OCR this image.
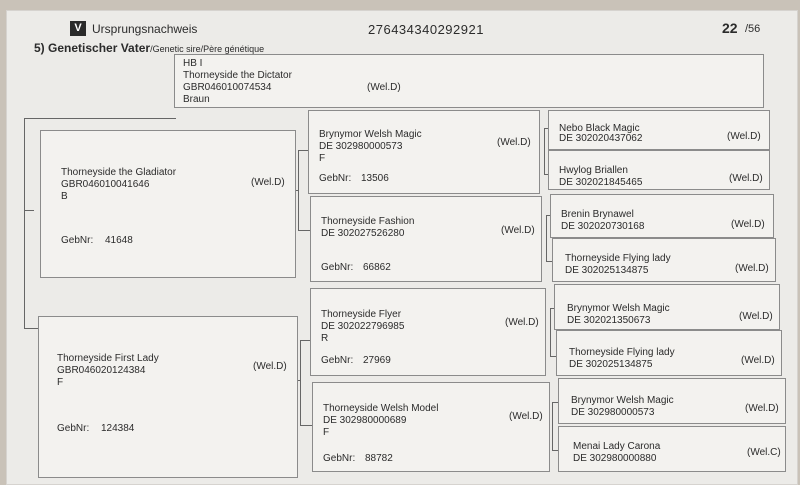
V Ursprungsnachweis	276434340292921	22 /56
5) Genetischer Vater/Genetic sire/Père génétique
HB I
Thorneyside the Dictator
GBR046010074534	(Wel.D)
Braun
Thorneyside the Gladiator
GBR046010041646
B
(Wel.D)
GebNr: 41648
Thorneyside First Lady
GBR046020124384
F
(Wel.D)
GebNr: 124384
Brynymor Welsh Magic
DE 302980000573
F
(Wel.D)
GebNr: 13506
Thorneyside Fashion
DE 302027526280	(Wel.D)
GebNr: 66862
Thorneyside Flyer
DE 302022796985
R
(Wel.D)
GebNr: 27969
Thorneyside Welsh Model
DE 302980000689
F
(Wel.D)
GebNr: 88782
Nebo Black Magic
DE 302020437062	(Wel.D)
Hwylog Briallen
DE 302021845465	(Wel.D)
Brenin Brynawel
DE 302020730168	(Wel.D)
Thorneyside Flying lady
DE 302025134875	(Wel.D)
Brynymor Welsh Magic
DE 302021350673	(Wel.D)
Thorneyside Flying lady
DE 302025134875	(Wel.D)
Brynymor Welsh Magic
DE 302980000573	(Wel.D)
Menai Lady Carona
DE 302980000880
(Wel.C)
